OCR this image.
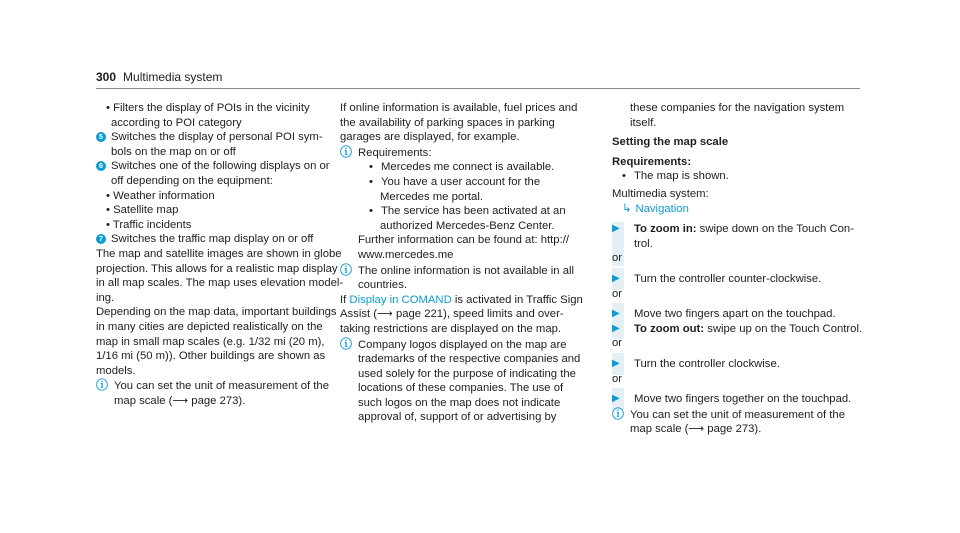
300 Multimedia system
• Filters the display of POIs in the vicinity
according to POI category
5 Switches the display of personal POI sym-
bols on the map on or off
6 Switches one of the following displays on or
off depending on the equipment:
• Weather information
• Satellite map
• Traffic incidents
7 Switches the traffic map display on or off
The map and satellite images are shown in globe
projection. This allows for a realistic map display
in all map scales. The map uses elevation model-
ing.
Depending on the map data, important buildings
in many cities are depicted realistically on the
map in small map scales (e.g. 1/32 mi (20 m),
1/16 mi (50 m)). Other buildings are shown as
models.
ⓘ You can set the unit of measurement of the
map scale (⟶ page 273).
If online information is available, fuel prices and
the availability of parking spaces in parking
garages are displayed, for example.
ⓘ Requirements:
• Mercedes me connect is available.
• You have a user account for the
Mercedes me portal.
• The service has been activated at an
authorized Mercedes-Benz Center.
Further information can be found at: http://
www.mercedes.me
ⓘ The online information is not available in all
countries.
If Display in COMAND is activated in Traffic Sign
Assist (⟶ page 221), speed limits and over-
taking restrictions are displayed on the map.
ⓘ Company logos displayed on the map are
trademarks of the respective companies and
used solely for the purpose of indicating the
locations of these companies. The use of
such logos on the map does not indicate
approval of, support of or advertising by
these companies for the navigation system
itself.
Setting the map scale
Requirements:
• The map is shown.
Multimedia system:
↳ Navigation
▶	To zoom in: swipe down on the Touch Con-
trol.
or
▶	Turn the controller counter-clockwise.
or
▶	Move two fingers apart on the touchpad.
▶	To zoom out: swipe up on the Touch Control.
or
▶	Turn the controller clockwise.
or
▶	Move two fingers together on the touchpad.
ⓘ You can set the unit of measurement of the
map scale (⟶ page 273).
